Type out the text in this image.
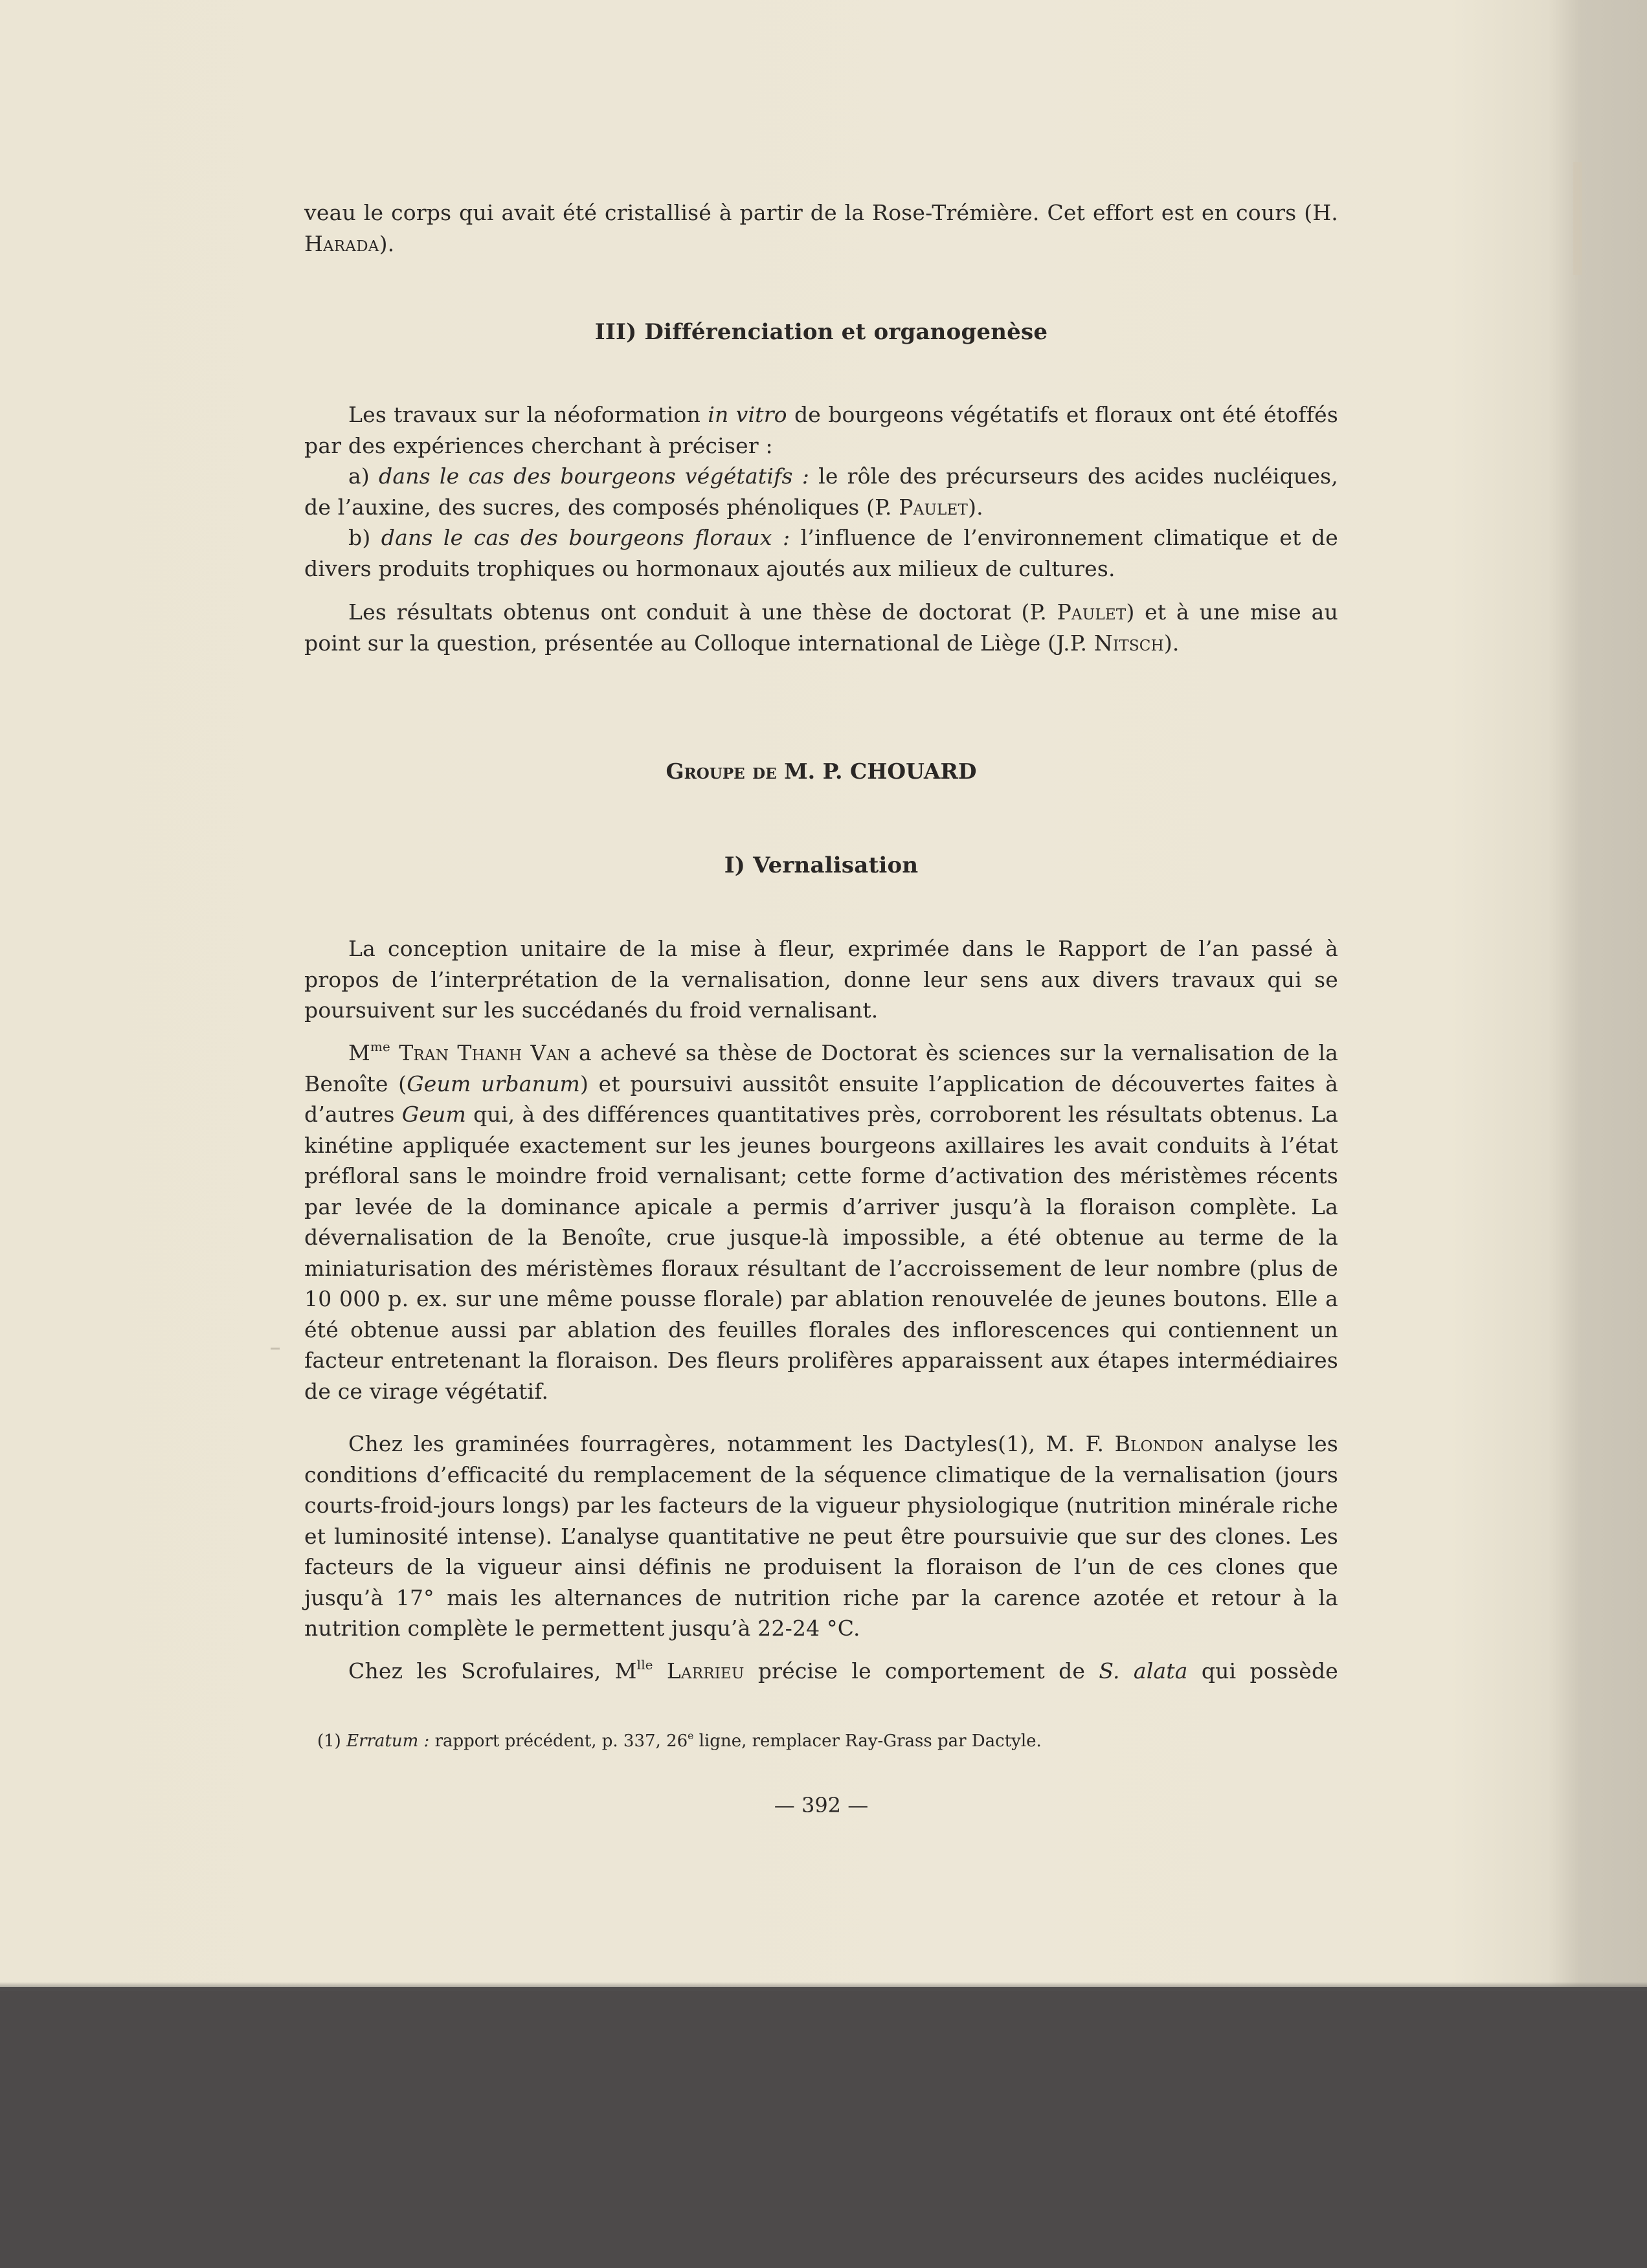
veau le corps qui avait été cristallisé à partir de la Rose-Trémière. Cet effort est en cours (H. Harada).

III) Différenciation et organogenèse

Les travaux sur la néoformation in vitro de bourgeons végétatifs et floraux ont été étoffés par des expériences cherchant à préciser :

a) dans le cas des bourgeons végétatifs : le rôle des précurseurs des acides nucléiques, de l’auxine, des sucres, des composés phénoliques (P. Paulet).

b) dans le cas des bourgeons floraux : l’influence de l’environnement climatique et de divers produits trophiques ou hormonaux ajoutés aux milieux de cultures.

Les résultats obtenus ont conduit à une thèse de doctorat (P. Paulet) et à une mise au point sur la question, présentée au Colloque international de Liège (J.P. Nitsch).

Groupe de M. P. CHOUARD
I) Vernalisation

La conception unitaire de la mise à fleur, exprimée dans le Rapport de l’an passé à propos de l’interprétation de la vernalisation, donne leur sens aux divers travaux qui se poursuivent sur les succédanés du froid vernalisant.

$M^{me}$ Tran Thanh Van a achevé sa thèse de Doctorat ès sciences sur la vernalisation de la Benoîte (Geum urbanum) et poursuivi aussitôt ensuite l’application de découvertes faites à d’autres Geum qui, à des différences quantitatives près, corroborent les résultats obtenus. La kinétine appliquée exactement sur les jeunes bourgeons axillaires les avait conduits à l’état préfloral sans le moindre froid vernalisant; cette forme d’activation des méristèmes récents par levée de la dominance apicale a permis d’arriver jusqu’à la floraison complète. La dévernalisation de la Benoîte, crue jusque-là impossible, a été obtenue au terme de la miniaturisation des méristèmes floraux résultant de l’accroissement de leur nombre (plus de 10 000 p. ex. sur une même pousse florale) par ablation renouvelée de jeunes boutons. Elle a été obtenue aussi par ablation des feuilles florales des inflorescences qui contiennent un facteur entretenant la floraison. Des fleurs prolifères apparaissent aux étapes intermédiaires de ce virage végétatif.

Chez les graminées fourragères, notamment les Dactyles(1), M. F. Blondon analyse les conditions d’efficacité du remplacement de la séquence climatique de la vernalisation (jours courts-froid-jours longs) par les facteurs de la vigueur physiologique (nutrition minérale riche et luminosité intense). L’analyse quantitative ne peut être poursuivie que sur des clones. Les facteurs de la vigueur ainsi définis ne produisent la floraison de l’un de ces clones que jusqu’à 17° mais les alternances de nutrition riche par la carence azotée et retour à la nutrition complète le permettent jusqu’à 22-24 °C.

Chez les Scrofulaires, $M^{lle}$ Larrieu précise le comportement de S. alata qui possède

(1) Erratum : rapport précédent, p. 337, 26e ligne, remplacer Ray-Grass par Dactyle.

— 392 —
